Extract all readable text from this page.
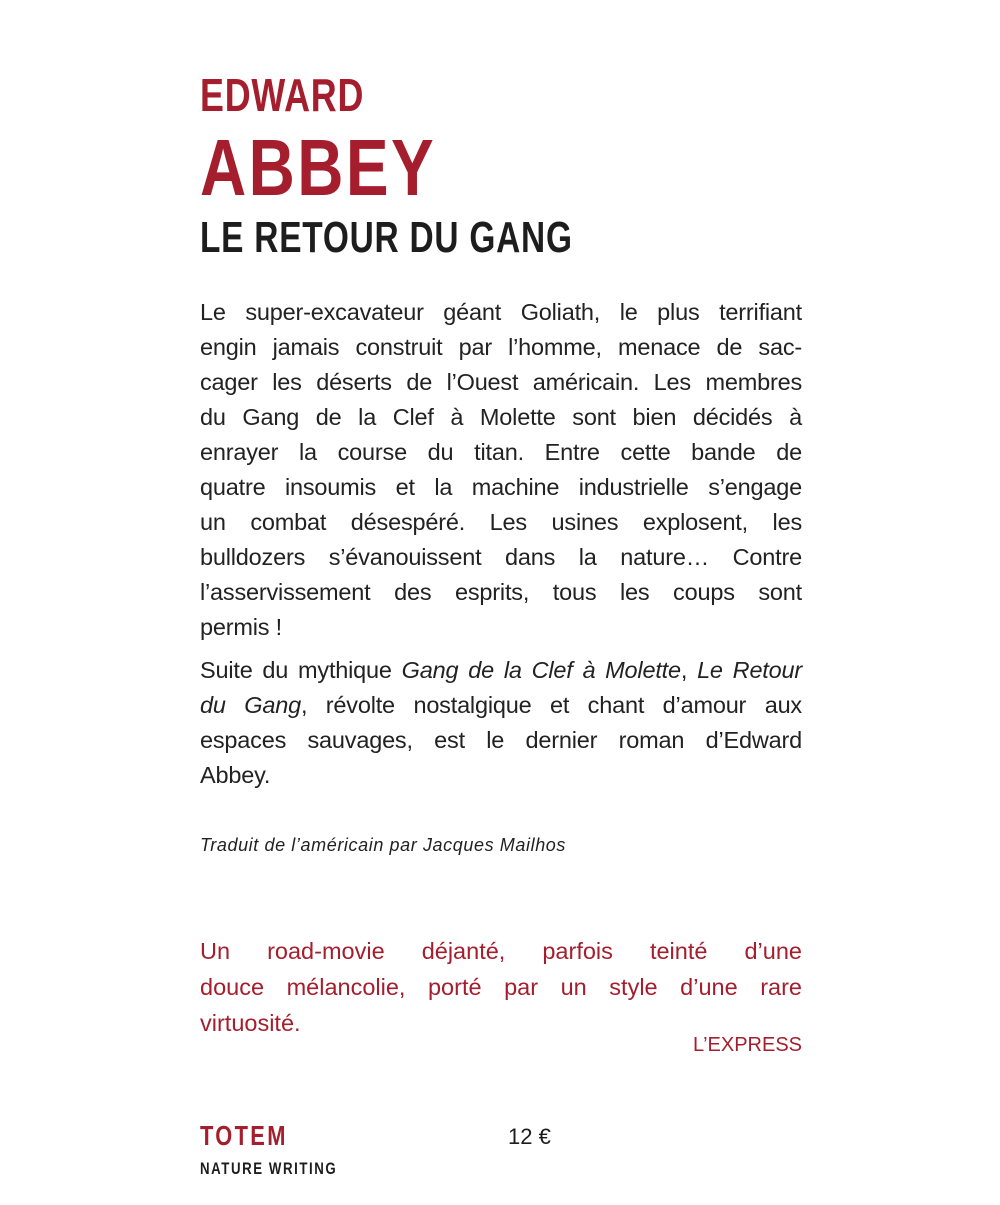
EDWARD
ABBEY
LE RETOUR DU GANG
Le super-excavateur géant Goliath, le plus terrifiant
engin jamais construit par l’homme, menace de sac-
cager les déserts de l’Ouest américain. Les membres
du Gang de la Clef à Molette sont bien décidés à
enrayer la course du titan. Entre cette bande de
quatre insoumis et la machine industrielle s’engage
un combat désespéré. Les usines explosent, les
bulldozers s’évanouissent dans la nature… Contre
l’asservissement des esprits, tous les coups sont
permis !
Suite du mythique Gang de la Clef à Molette, Le Retour
du Gang, révolte nostalgique et chant d’amour aux
espaces sauvages, est le dernier roman d’Edward
Abbey.
Traduit de l’américain par Jacques Mailhos
Un road-movie déjanté, parfois teinté d’une
douce mélancolie, porté par un style d’une rare
virtuosité.
L’EXPRESS
TOTEM
NATURE WRITING
12 €
